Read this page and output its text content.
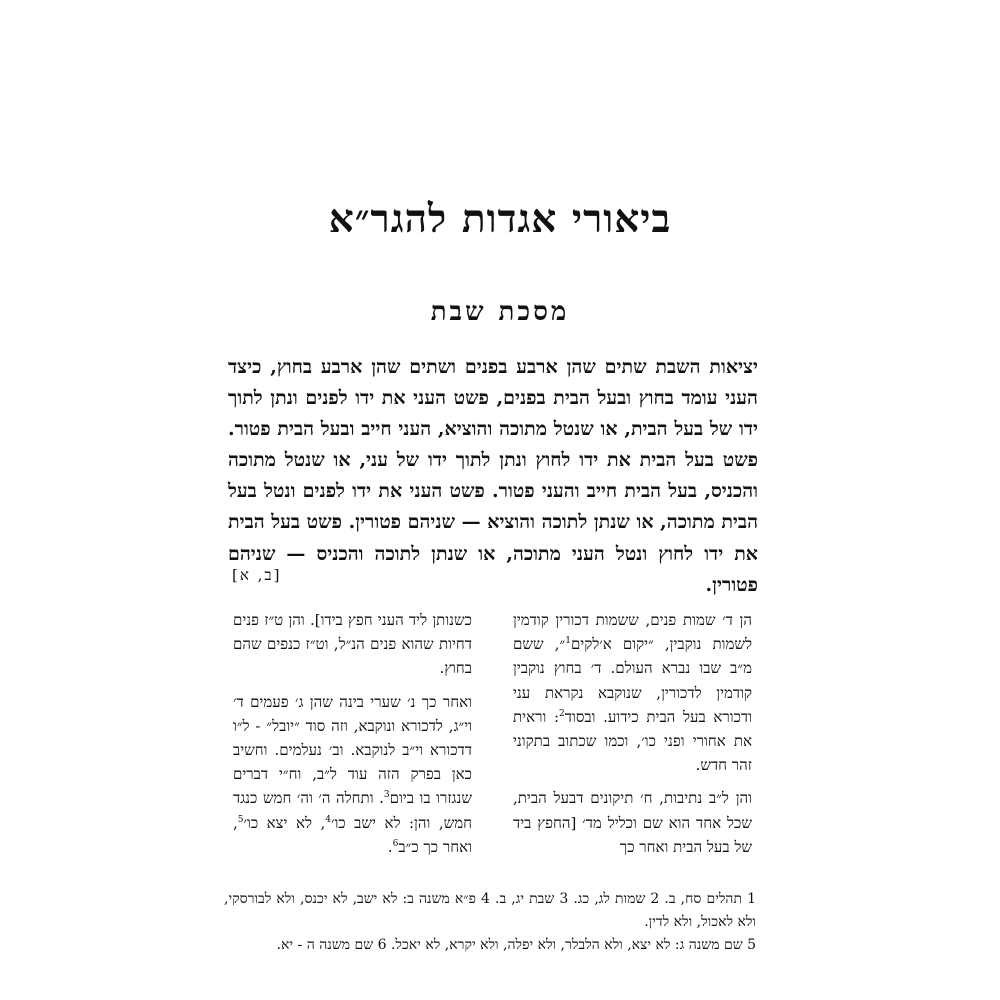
ביאורי אגדות להגר״א
מסכת שבת
יציאות השבת שתים שהן ארבע בפנים ושתים שהן ארבע בחוץ, כיצד העני עומד בחוץ ובעל הבית בפנים, פשט העני את ידו לפנים ונתן לתוך ידו של בעל הבית, או שנטל מתוכה והוציא, העני חייב ובעל הבית פטור. פשט בעל הבית את ידו לחוץ ונתן לתוך ידו של עני, או שנטל מתוכה והכניס, בעל הבית חייב והעני פטור. פשט העני את ידו לפנים ונטל בעל הבית מתוכה, או שנתן לתוכה והוציא — שניהם פטורין. פשט בעל הבית את ידו לחוץ ונטל העני מתוכה, או שנתן לתוכה והכניס — שניהם פטורין.
[ב, א]

הן ד׳ שמות פנים, ששמות דכורין קודמין לשמות נוקבין, ״יקום א׳לקים$^1$״, ששם מ״ב שבו נברא העולם. ד׳ בחוץ נוקבין קודמין לדכורין, שנוקבא נקראת עני ודכורא בעל הבית כידוע. ובסוד$^2$: וראית את אחורי ופני כו׳, וכמו שכתוב בתקוני זהר חדש.

והן ל״ב נתיבות, ח׳ תיקונים דבעל הבית, שכל אחד הוא שם וכליל מד׳ [החפץ ביד של בעל הבית ואחר כך

כשנותן ליד העני חפץ בידו]. והן ט״ז פנים דחיות שהוא פנים הנ״ל, וט״ז כנפים שהם בחוץ.

ואחר כך נ׳ שערי בינה שהן ג׳ פעמים ד׳ וי״ג, לדכורא ונוקבא, וזה סוד ״יובל״ - ל״ו דדכורא וי״ב לנוקבא. וב׳ נעלמים. וחשיב כאן בפרק הזה עוד ל״ב, וח״י דברים שנגזרו בו ביום$^3$. ותחלה ה׳ וה׳ חמש כנגד חמש, והן: לא ישב כו׳$^4$, לא יצא כו׳$^5$, ואחר כך כ״ב$^6$.

1 תהלים סח, ב. 2 שמות לג, כג. 3 שבת יג, ב. 4 פ״א משנה ב: לא ישב, לא יכנס, ולא לבורסקי, ולא לאכול, ולא לדין.

5 שם משנה ג: לא יצא, ולא הלבלר, ולא יפלה, ולא יקרא, לא יאכל. 6 שם משנה ה - יא.
